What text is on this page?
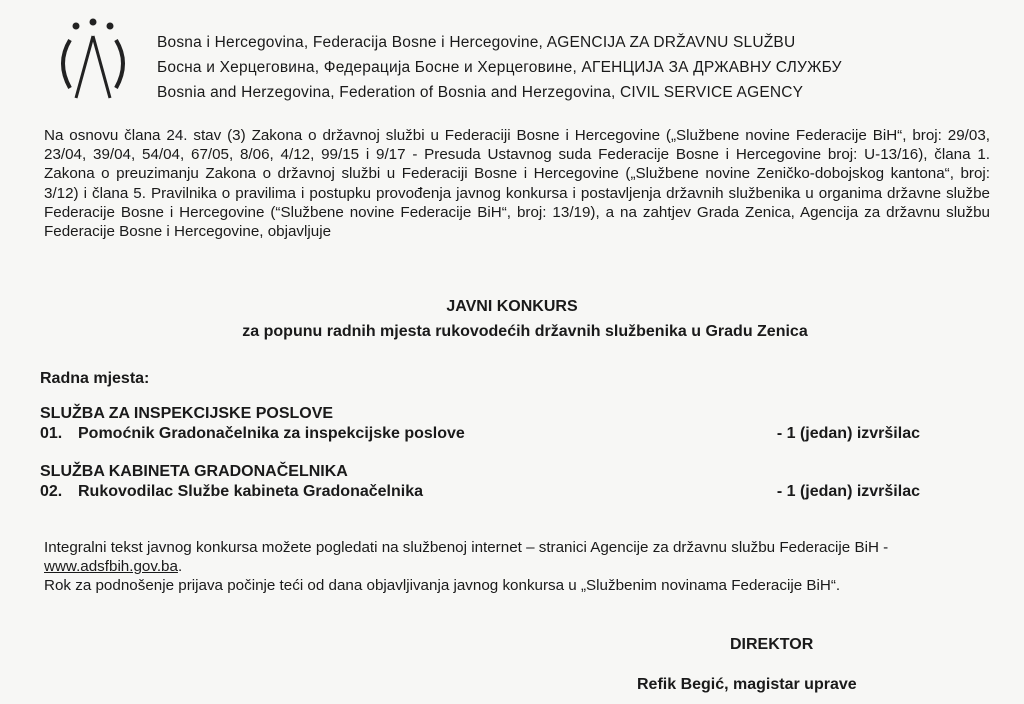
Bosna i Hercegovina, Federacija Bosne i Hercegovine, AGENCIJA ZA DRŽAVNU SLUŽBU
Босна и Херцеговина, Федерација Босне и Херцеговине, АГЕНЦИЈА ЗА ДРЖАВНУ СЛУЖБУ
Bosnia and Herzegovina, Federation of Bosnia and Herzegovina, CIVIL SERVICE AGENCY
Na osnovu člana 24. stav (3) Zakona o državnoj službi u Federaciji Bosne i Hercegovine („Službene novine Federacije BiH“, broj: 29/03, 23/04, 39/04, 54/04, 67/05, 8/06, 4/12, 99/15 i 9/17 - Presuda Ustavnog suda Federacije Bosne i Hercegovine broj: U-13/16), člana 1. Zakona o preuzimanju Zakona o državnoj službi u Federaciji Bosne i Hercegovine („Službene novine Zeničko-dobojskog kantona“, broj: 3/12) i člana 5. Pravilnika o pravilima i postupku provođenja javnog konkursa i postavljenja državnih službenika u organima državne službe Federacije Bosne i Hercegovine (“Službene novine Federacije BiH“, broj: 13/19), a na zahtjev Grada Zenica, Agencija za državnu službu Federacije Bosne i Hercegovine, objavljuje
JAVNI KONKURS
za popunu radnih mjesta rukovodećih državnih službenika u Gradu Zenica
Radna mjesta:
SLUŽBA ZA INSPEKCIJSKE POSLOVE
01. Pomoćnik Gradonačelnika za inspekcijske poslove	- 1 (jedan) izvršilac
SLUŽBA KABINETA GRADONAČELNIKA
02. Rukovodilac Službe kabineta Gradonačelnika	- 1 (jedan) izvršilac
Integralni tekst javnog konkursa možete pogledati na službenoj internet – stranici Agencije za državnu službu Federacije BiH - www.adsfbih.gov.ba.
Rok za podnošenje prijava počinje teći od dana objavljivanja javnog konkursa u „Službenim novinama Federacije BiH“.
DIREKTOR
Refik Begić, magistar uprave
